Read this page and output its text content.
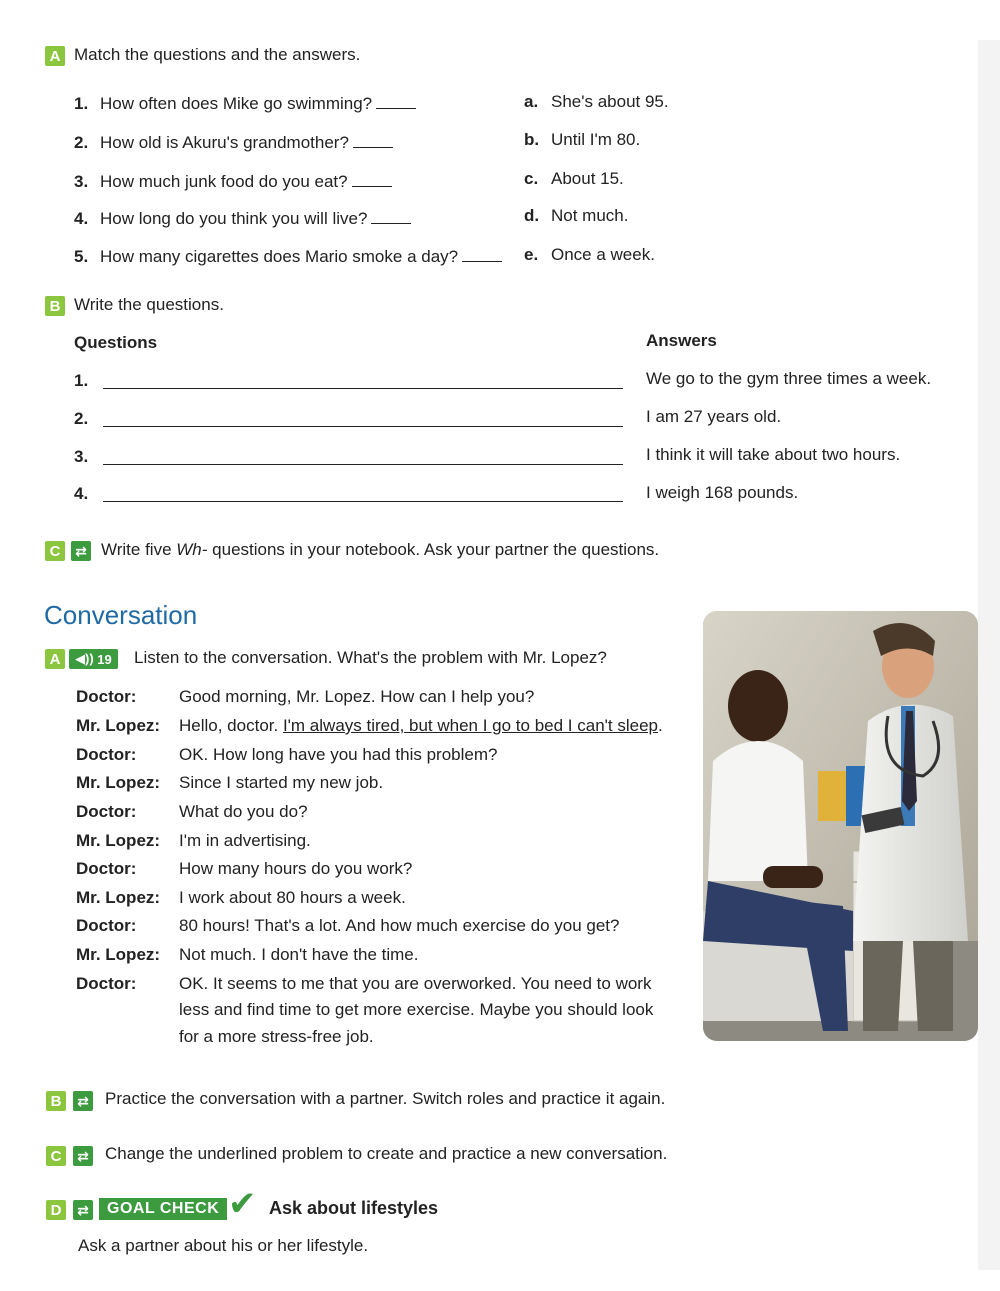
A Match the questions and the answers.
1. How often does Mike go swimming?
2. How old is Akuru's grandmother?
3. How much junk food do you eat?
4. How long do you think you will live?
5. How many cigarettes does Mario smoke a day?
a. She's about 95.
b. Until I'm 80.
c. About 15.
d. Not much.
e. Once a week.
B Write the questions.
Questions	Answers
1.	We go to the gym three times a week.
2.	I am 27 years old.
3.	I think it will take about two hours.
4.	I weigh 168 pounds.
C	⇄ Write five Wh- questions in your notebook. Ask your partner the questions.
Conversation
A	◀)) 19 Listen to the conversation. What's the problem with Mr. Lopez?
Doctor:	Good morning, Mr. Lopez. How can I help you?
Mr. Lopez: Hello, doctor. I'm always tired, but when I go to bed I can't sleep.
Doctor:	OK. How long have you had this problem?
Mr. Lopez: Since I started my new job.
Doctor:	What do you do?
Mr. Lopez: I'm in advertising.
Doctor:	How many hours do you work?
Mr. Lopez: I work about 80 hours a week.
Doctor:	80 hours! That's a lot. And how much exercise do you get?
Mr. Lopez: Not much. I don't have the time.
Doctor:	OK. It seems to me that you are overworked. You need to work
less and find time to get more exercise. Maybe you should look
for a more stress-free job.
B	⇄ Practice the conversation with a partner. Switch roles and practice it again.
C	⇄ Change the underlined problem to create and practice a new conversation.
D	⇄	GOAL CHECK ✔ Ask about lifestyles
Ask a partner about his or her lifestyle.
